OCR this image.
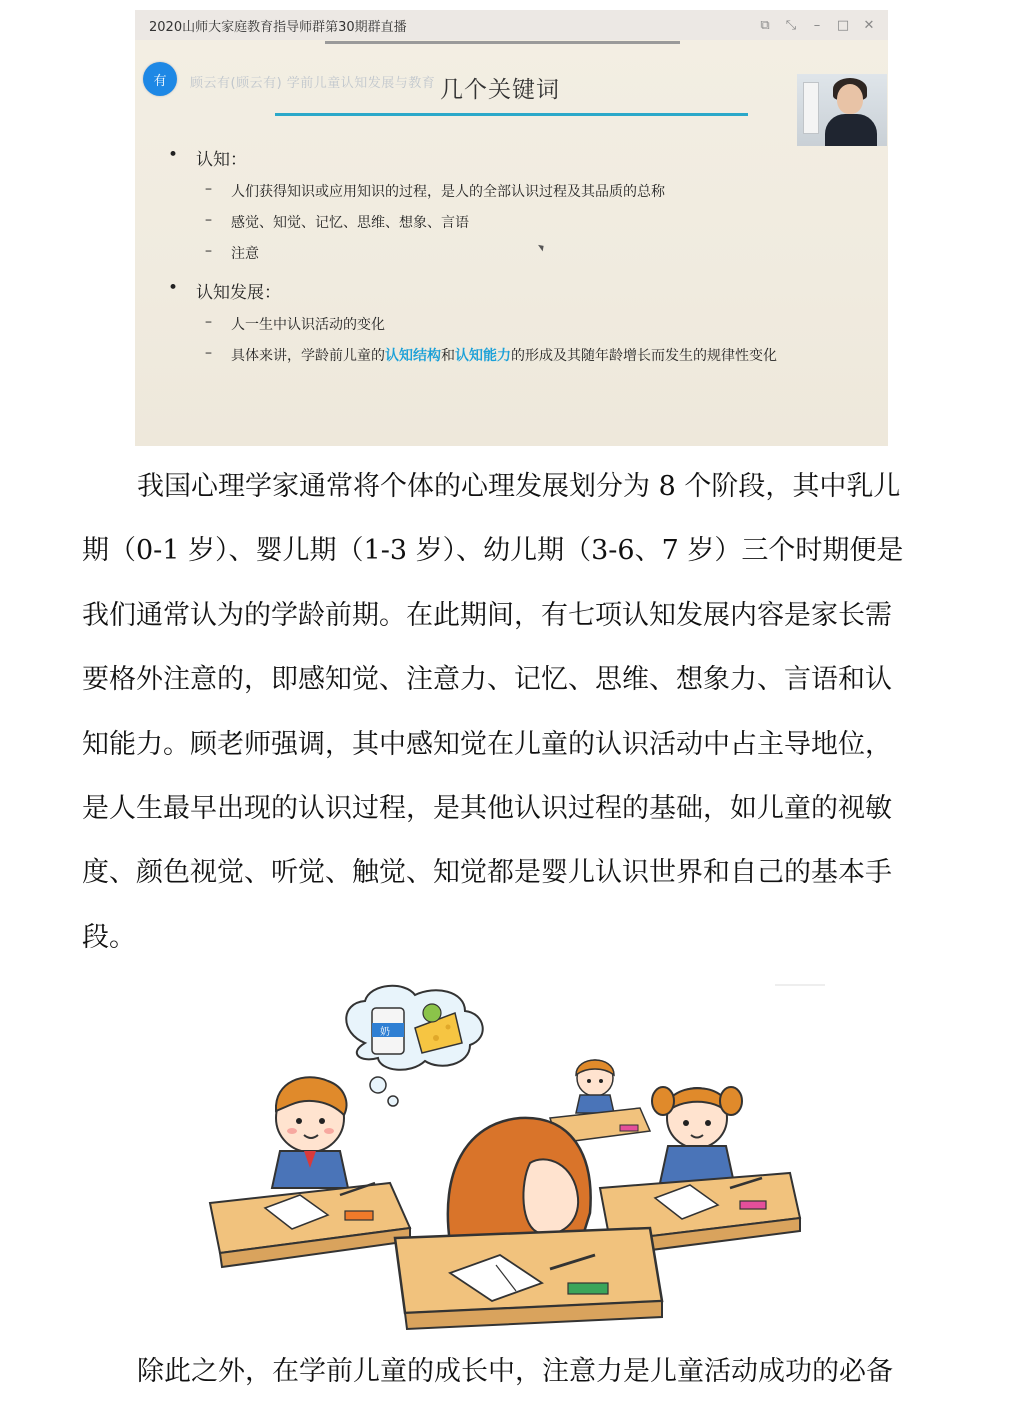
2020山师大家庭教育指导师群第30期群直播	⧉	⤡	–	□	✕
有	顾云有(顾云有) 学前儿童认知发展与教育 几个关键词
• 认知：
– 人们获得知识或应用知识的过程，是人的全部认识过程及其品质的总称
– 感觉、知觉、记忆、思维、想象、言语
– 注意
• 认知发展：
– 人一生中认识活动的变化
– 具体来讲，学龄前儿童的认知结构和认知能力的形成及其随年龄增长而发生的规律性变化
我国心理学家通常将个体的心理发展划分为 8 个阶段，其中乳儿
期（0-1 岁）、婴儿期（1-3 岁）、幼儿期（3-6、7 岁）三个时期便是
我们通常认为的学龄前期。在此期间，有七项认知发展内容是家长需
要格外注意的，即感知觉、注意力、记忆、思维、想象力、言语和认
知能力。顾老师强调，其中感知觉在儿童的认识活动中占主导地位，
是人生最早出现的认识过程，是其他认识过程的基础，如儿童的视敏
度、颜色视觉、听觉、触觉、知觉都是婴儿认识世界和自己的基本手
段。
奶
除此之外，在学前儿童的成长中，注意力是儿童活动成功的必备
